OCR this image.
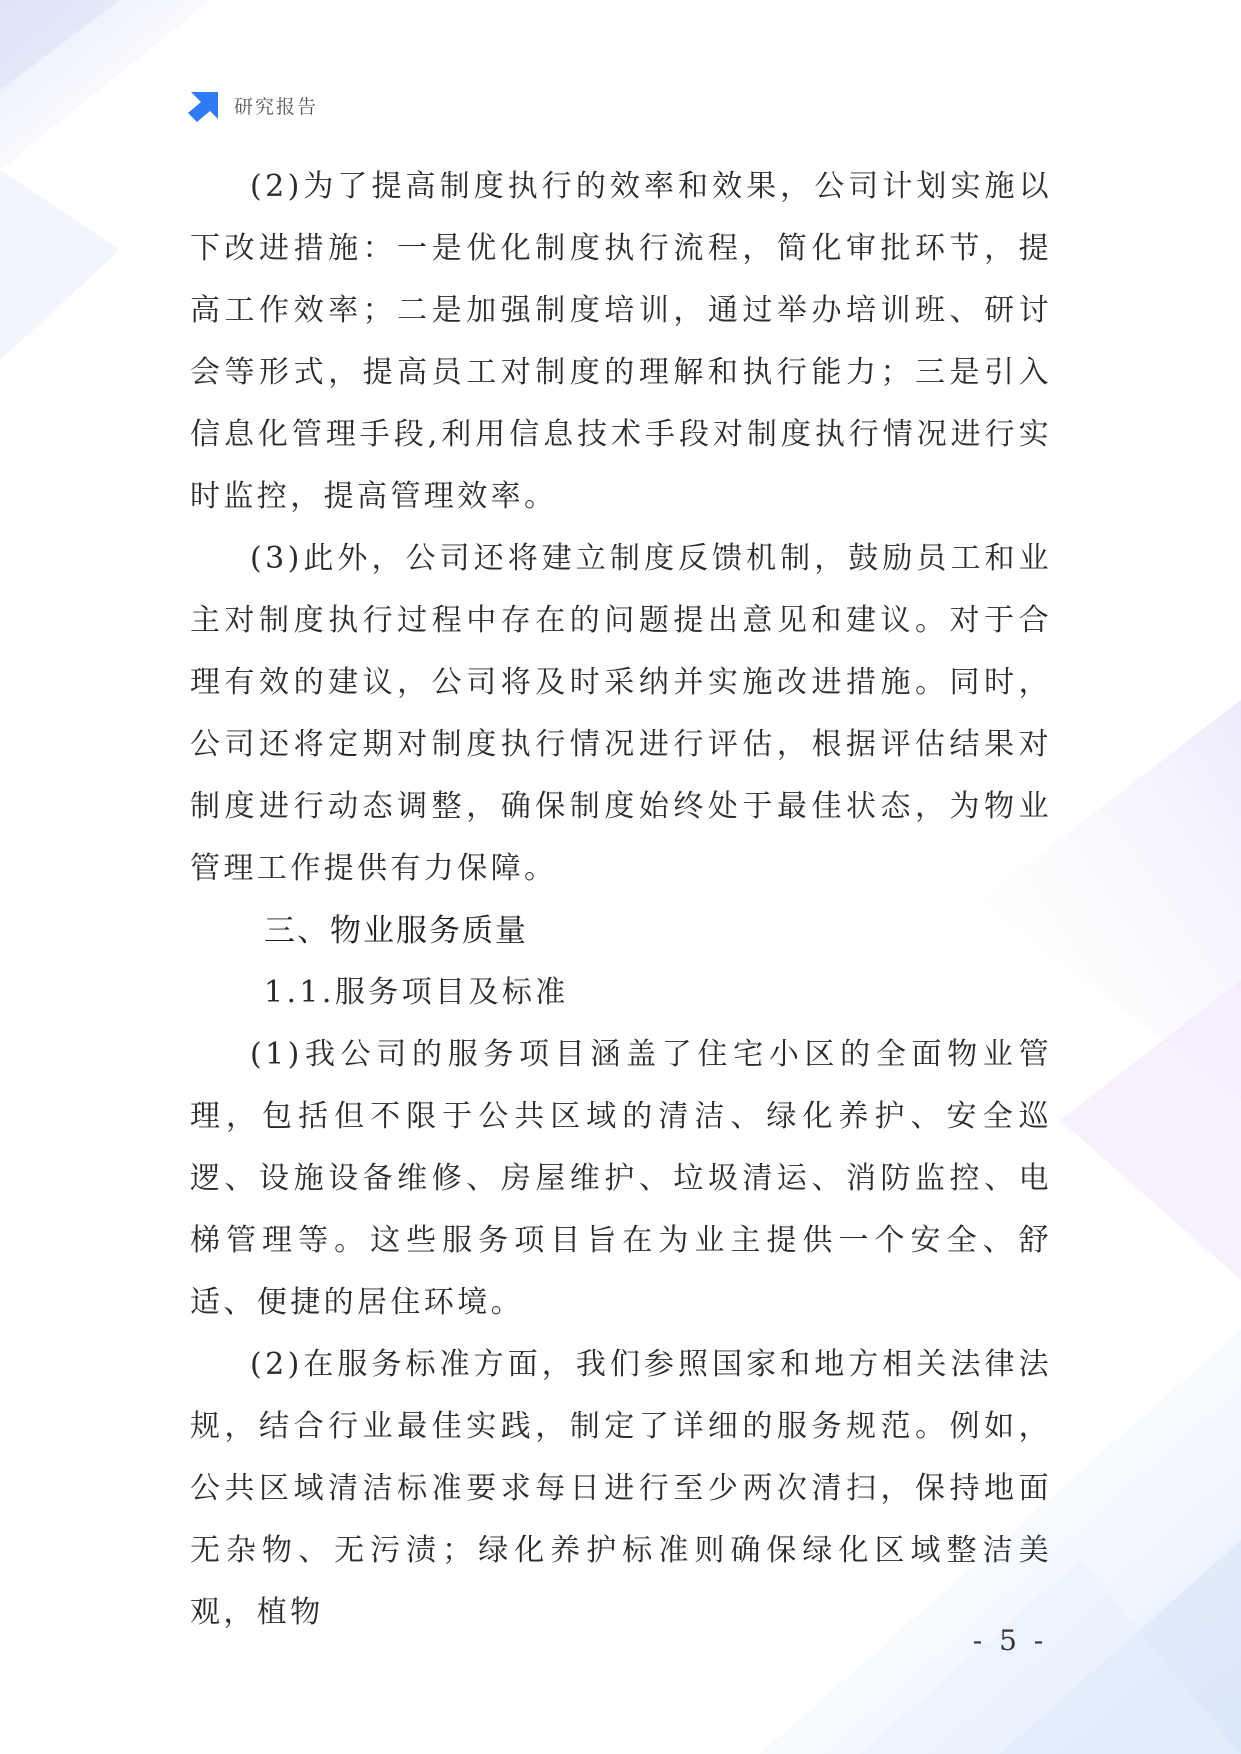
研究报告

(2)为了提高制度执行的效率和效果，公司计划实施以下改进措施：一是优化制度执行流程，简化审批环节，提高工作效率；二是加强制度培训，通过举办培训班、研讨会等形式，提高员工对制度的理解和执行能力；三是引入信息化管理手段,利用信息技术手段对制度执行情况进行实时监控，提高管理效率。

(3)此外，公司还将建立制度反馈机制，鼓励员工和业主对制度执行过程中存在的问题提出意见和建议。对于合理有效的建议，公司将及时采纳并实施改进措施。同时，公司还将定期对制度执行情况进行评估，根据评估结果对制度进行动态调整，确保制度始终处于最佳状态，为物业管理工作提供有力保障。

三、物业服务质量
1.1.服务项目及标准

(1)我公司的服务项目涵盖了住宅小区的全面物业管理，包括但不限于公共区域的清洁、绿化养护、安全巡逻、设施设备维修、房屋维护、垃圾清运、消防监控、电梯管理等。这些服务项目旨在为业主提供一个安全、舒适、便捷的居住环境。

(2)在服务标准方面，我们参照国家和地方相关法律法规，结合行业最佳实践，制定了详细的服务规范。例如，公共区域清洁标准要求每日进行至少两次清扫，保持地面无杂物、无污渍；绿化养护标准则确保绿化区域整洁美观，植物

- 5 -
